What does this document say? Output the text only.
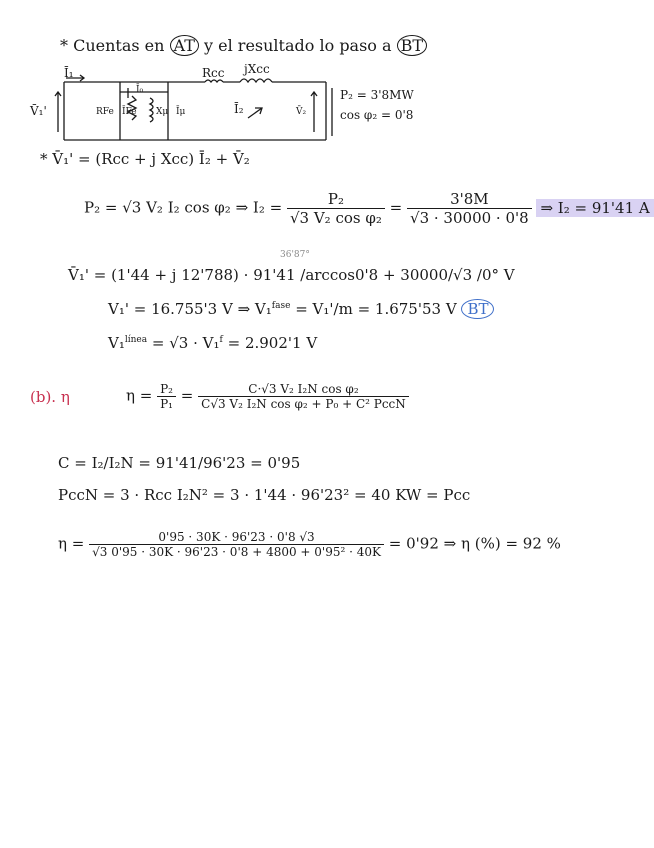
* Cuentas en AT y el resultado lo paso a BT
Ī₁	Rcc jXcc
Ī₀
RFe ĪFe Xμ Īμ	Ī₂
V̄₁'	V̄₂
P₂ = 3'8MW
cos φ₂ = 0'8
* V̄₁' = (Rcc + j Xcc) Ī₂ + V̄₂
P₂ = √3 V₂ I₂ cos φ₂ ⇒ $I_2 = \frac{\text{P₂}}{\text{√3 V₂ cos φ₂}} = \frac{3'8M}{√3 \cdot 30000 \cdot 0'8}$ ⇒ I₂ = 91'41 A
36'87°
V̄₁' = (1'44 + j 12'788) · 91'41 /arccos0'8 + 30000/√3 /0° V
V₁' = 16.755'3 V ⇒ V₁$^{fase}$ = V₁'/m = 1.675'53 V BT
V₁$^{línea}$ = √3 · V₁$^f$ = 2.902'1 V
(b). η	$\eta = \frac{\text{P₂}}{\text{P₁}} = \frac{\text{C·√3 V₂ I₂N cos φ₂}}{\text{C√3 V₂ I₂N cos φ₂ + P₀ + C² PccN}}$
C = I₂/I₂N = 91'41/96'23 = 0'95
PccN = 3 · Rcc I₂N² = 3 · 1'44 · 96'23² = 40 KW = Pcc
$\eta = \frac{0'95 \cdot 30K \cdot 96'23 \cdot 0'8 √3}{\text{√3 0'95 · 30K · 96'23 · 0'8 + 4800 + 0'95² · 40K}} = 0'92$ ⇒ η (%) = 92 %
